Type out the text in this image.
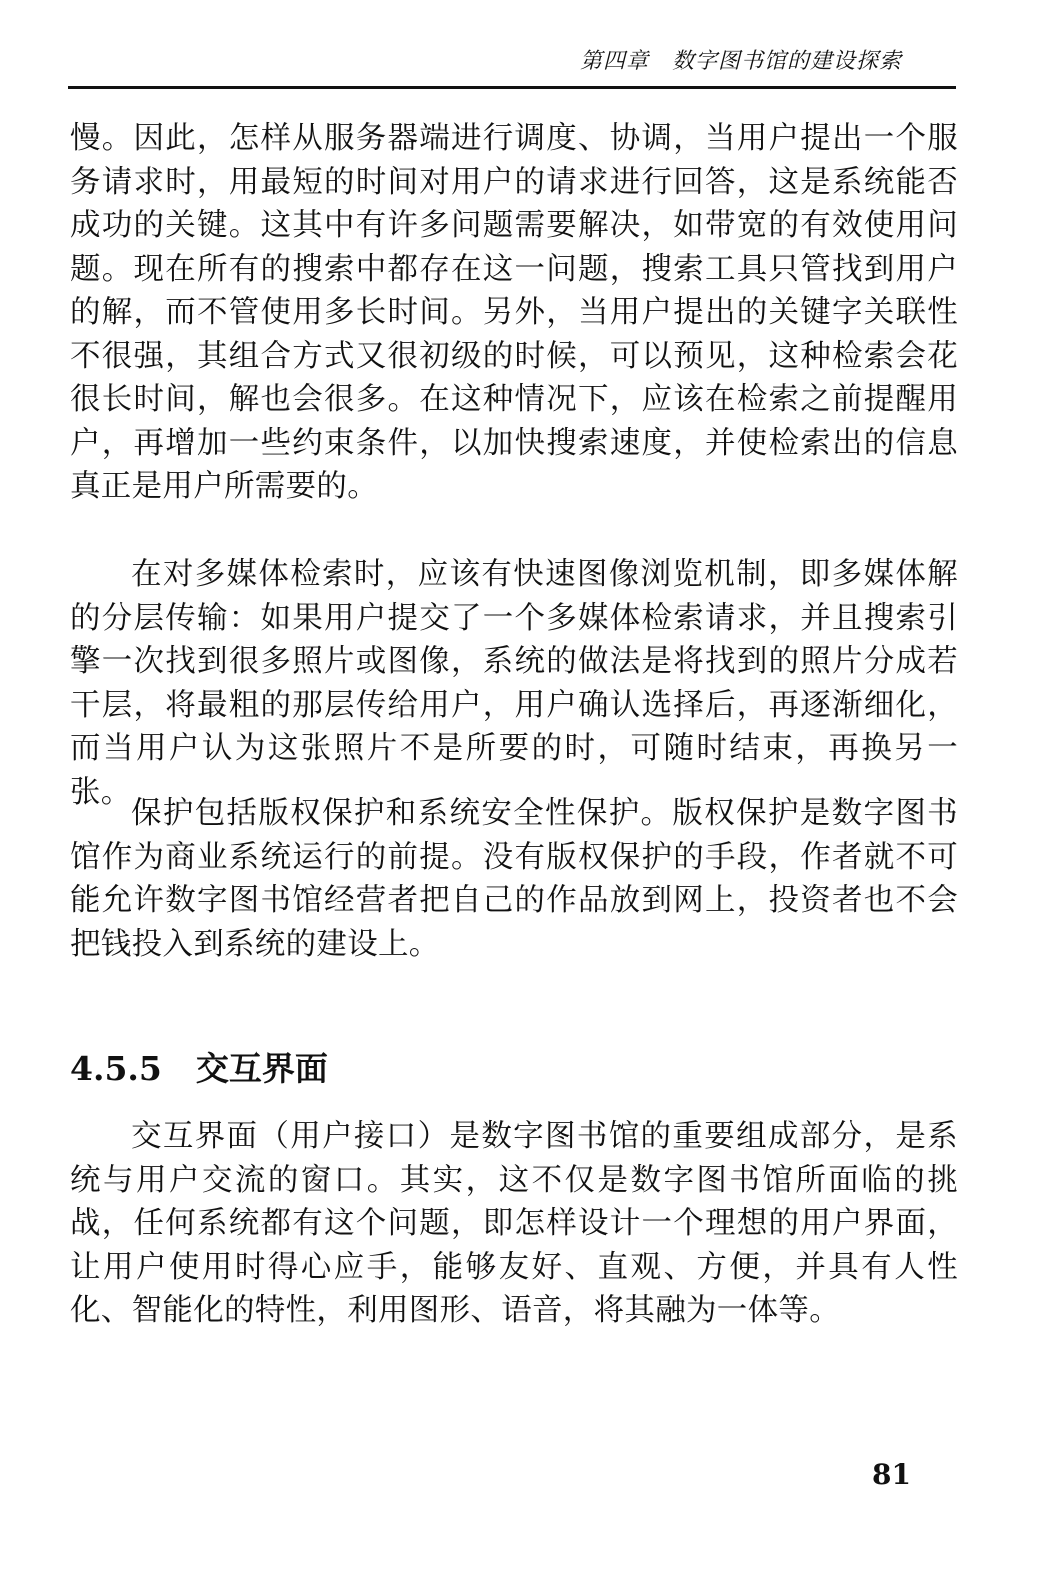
第四章　数字图书馆的建设探索

慢。因此，怎样从服务器端进行调度、协调，当用户提出一个服务请求时，用最短的时间对用户的请求进行回答，这是系统能否成功的关键。这其中有许多问题需要解决，如带宽的有效使用问题。现在所有的搜索中都存在这一问题，搜索工具只管找到用户的解，而不管使用多长时间。另外，当用户提出的关键字关联性不很强，其组合方式又很初级的时候，可以预见，这种检索会花很长时间，解也会很多。在这种情况下，应该在检索之前提醒用户，再增加一些约束条件，以加快搜索速度，并使检索出的信息真正是用户所需要的。

在对多媒体检索时，应该有快速图像浏览机制，即多媒体解的分层传输：如果用户提交了一个多媒体检索请求，并且搜索引擎一次找到很多照片或图像，系统的做法是将找到的照片分成若干层，将最粗的那层传给用户，用户确认选择后，再逐渐细化，而当用户认为这张照片不是所要的时，可随时结束，再换另一张。

保护包括版权保护和系统安全性保护。版权保护是数字图书馆作为商业系统运行的前提。没有版权保护的手段，作者就不可能允许数字图书馆经营者把自己的作品放到网上，投资者也不会把钱投入到系统的建设上。

4.5.5 交互界面

交互界面（用户接口）是数字图书馆的重要组成部分，是系统与用户交流的窗口。其实，这不仅是数字图书馆所面临的挑战，任何系统都有这个问题，即怎样设计一个理想的用户界面，让用户使用时得心应手，能够友好、直观、方便，并具有人性化、智能化的特性，利用图形、语音，将其融为一体等。

81
